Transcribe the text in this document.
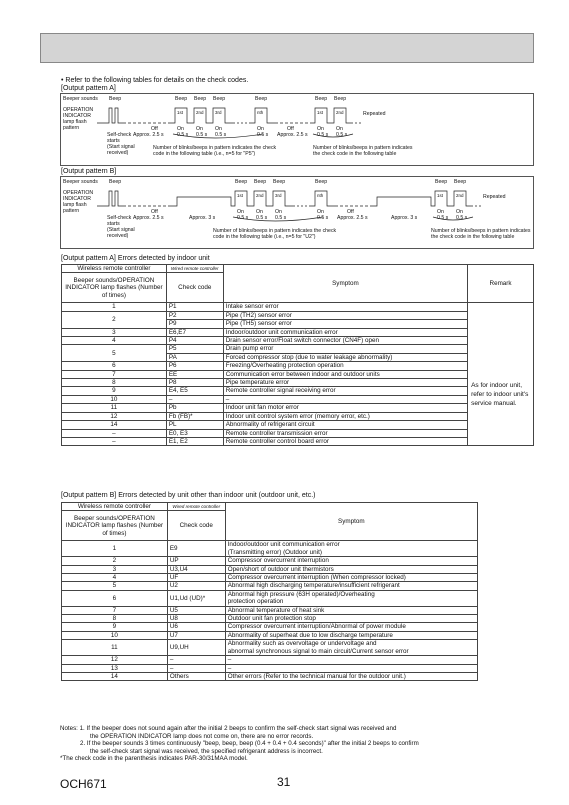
• Refer to the following tables for details on the check codes.
[Output pattern A]
Beeper sounds
OPERATION
INDICATOR
lamp flash
pattern
Beep	Beep Beep Beep	Beep	Beep Beep
1st	2nd	3rd	nth	1st	2nd	Repeated
Off	On On On	On	Off	On On
Self-check
starts
(Start signal
received)
Approx. 2.5 s	0.5 s 0.5 s 0.5 s	0.5 s Approx. 2.5 s 0.5 s 0.5 s
Number of blinks/beeps in pattern indicates the check
code in the following table (i.e., n=5 for "P5")
Number of blinks/beeps in pattern indicates
the check code in the following table
[Output pattern B]
Beeper sounds
OPERATION
INDICATOR
lamp flash
pattern
Beep	Beep Beep Beep	Beep	Beep Beep
1st	2nd	3rd	nth	1st	2nd	Repeated
Off	On On On	On	Off	On On
Self-check
starts
(Start signal
received)
Approx. 2.5 s	Approx. 3 s	0.5 s 0.5 s 0.5 s	0.5 s Approx. 2.5 s	Approx. 3 s	0.5 s 0.5 s
Number of blinks/beeps in pattern indicates the check
code in the following table (i.e., n=5 for "U2")
Number of blinks/beeps in pattern indicates
the check code in the following table
[Output pattern A] Errors detected by indoor unit
Wireless remote controller	Wired remote controller	Symptom	Remark
Beeper sounds/OPERATION INDICATOR lamp flashes (Number of times)	Check code		
1	P1	Intake sensor error	As for indoor unit, refer to indoor unit's service manual.

2	P2	Pipe (TH2) sensor error	
	P9	Pipe (TH5) sensor error	
3	E6,E7	Indoor/outdoor unit communication error	
4	P4	Drain sensor error/Float switch connector (CN4F) open	
5	P5	Drain pump error	
	PA	Forced compressor stop (due to water leakage abnormality)	
6	P6	Freezing/Overheating protection operation	
7	EE	Communication error between indoor and outdoor units	
8	P8	Pipe temperature error	
9	E4, E5	Remote controller signal receiving error	
10	–	–	
11	Pb	Indoor unit fan motor error	
12	Fb (FB)*	Indoor unit control system error (memory error, etc.)	
14	PL	Abnormality of refrigerant circuit	
–	E0, E3	Remote controller transmission error	
–	E1, E2	Remote controller control board error	
[Output pattern B] Errors detected by unit other than indoor unit (outdoor unit, etc.)
Wireless remote controller	Wired remote controller	Symptom
Beeper sounds/OPERATION INDICATOR lamp flashes (Number of times)	Check code	
1	E9	Indoor/outdoor unit communication error
(Transmitting error) (Outdoor unit)

2	UP	Compressor overcurrent interruption
3	U3,U4	Open/short of outdoor unit thermistors
4	UF	Compressor overcurrent interruption (When compressor locked)
5	U2	Abnormal high discharging temperature/insufficient refrigerant
6	U1,Ud (UD)*	Abnormal high pressure (63H operated)/Overheating
protection operation

7	U5	Abnormal temperature of heat sink
8	U8	Outdoor unit fan protection stop
9	U6	Compressor overcurrent interruption/Abnormal of power module
10	U7	Abnormality of superheat due to low discharge temperature
11	U9,UH	Abnormality such as overvoltage or undervoltage and
abnormal synchronous signal to main circuit/Current sensor error

12	–	–
13	–	–
14	Others	Other errors (Refer to the technical manual for the outdoor unit.)
Notes: 1. If the beeper does not sound again after the initial 2 beeps to confirm the self-check start signal was received and
the OPERATION INDICATOR lamp does not come on, there are no error records.
2. If the beeper sounds 3 times continuously "beep, beep, beep (0.4 + 0.4 + 0.4 seconds)" after the initial 2 beeps to confirm
the self-check start signal was received, the specified refrigerant address is incorrect.
*The check code in the parenthesis indicates PAR-30/31MAA model.
OCH671	31
